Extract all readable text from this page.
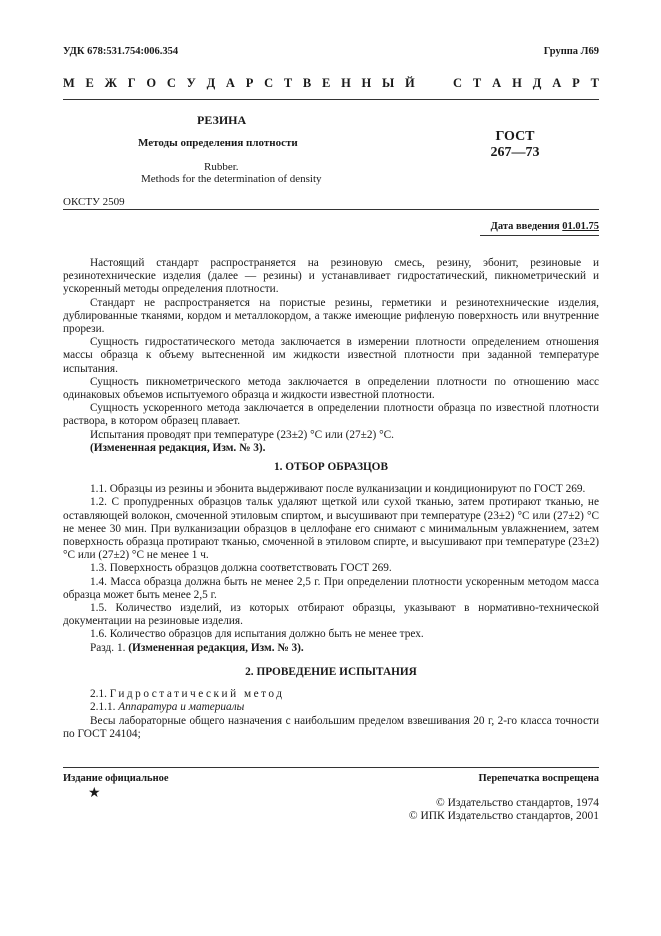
УДК 678:531.754:006.354	Группа Л69
М Е Ж Г О С У Д А Р С Т В Е Н Н Ы Й	С Т А Н Д А Р Т
РЕЗИНА
Методы определения плотности
Rubber.
Methods for the determination of density
ГОСТ
267—73
ОКСТУ 2509
Дата введения 01.01.75

Настоящий стандарт распространяется на резиновую смесь, резину, эбонит, резиновые и резинотехнические изделия (далее — резины) и устанавливает гидростатический, пикнометрический и ускоренный методы определения плотности.

Стандарт не распространяется на пористые резины, герметики и резинотехнические изделия, дублированные тканями, кордом и металлокордом, а также имеющие рифленую поверхность или внутренние прорези.

Сущность гидростатического метода заключается в измерении плотности определением отношения массы образца к объему вытесненной им жидкости известной плотности при заданной температуре испытания.

Сущность пикнометрического метода заключается в определении плотности по отношению масс одинаковых объемов испытуемого образца и жидкости известной плотности.

Сущность ускоренного метода заключается в определении плотности образца по известной плотности раствора, в котором образец плавает.

Испытания проводят при температуре (23±2) °С или (27±2) °С.

(Измененная редакция, Изм. № 3).

1. ОТБОР ОБРАЗЦОВ

1.1. Образцы из резины и эбонита выдерживают после вулканизации и кондиционируют по ГОСТ 269.

1.2. С пропудренных образцов тальк удаляют щеткой или сухой тканью, затем протирают тканью, не оставляющей волокон, смоченной этиловым спиртом, и высушивают при температуре (23±2) °С или (27±2) °С не менее 30 мин. При вулканизации образцов в целлофане его снимают с минимальным увлажнением, затем поверхность образца протирают тканью, смоченной в этиловом спирте, и высушивают при температуре (23±2) °С или (27±2) °С не менее 1 ч.

1.3. Поверхность образцов должна соответствовать ГОСТ 269.

1.4. Масса образца должна быть не менее 2,5 г. При определении плотности ускоренным методом масса образца может быть менее 2,5 г.

1.5. Количество изделий, из которых отбирают образцы, указывают в нормативно-технической документации на резиновые изделия.

1.6. Количество образцов для испытания должно быть не менее трех.

Разд. 1. (Измененная редакция, Изм. № 3).

2. ПРОВЕДЕНИЕ ИСПЫТАНИЯ

2.1. Гидростатический метод

2.1.1. Аппаратура и материалы

Весы лабораторные общего назначения с наибольшим пределом взвешивания 20 г, 2-го класса точности по ГОСТ 24104;

Издание официальное	Перепечатка воспрещена
★
© Издательство стандартов, 1974
© ИПК Издательство стандартов, 2001
